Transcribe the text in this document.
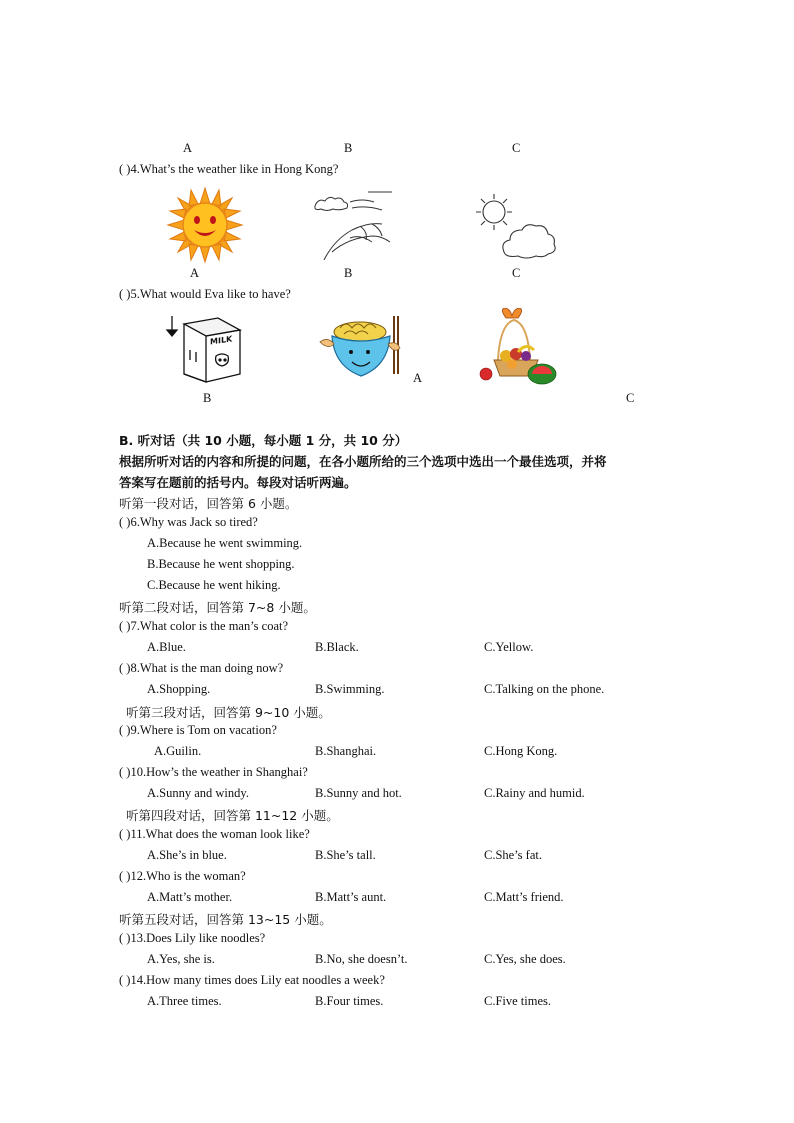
A	B	C
( )4.What’s the weather like in Hong Kong?
A	B	C
( )5.What would Eva like to have?
MILK
B
A
C
B. 听对话（共 10 小题，每小题 1 分，共 10 分）
根据所听对话的内容和所提的问题，在各小题所给的三个选项中选出一个最佳选项，并将
答案写在题前的括号内。每段对话听两遍。
听第一段对话，回答第 6 小题。
( )6.Why was Jack so tired?
A.Because he went swimming.
B.Because he went shopping.
C.Because he went hiking.
听第二段对话，回答第 7~8 小题。
( )7.What color is the man’s coat?
A.Blue.	B.Black.	C.Yellow.
( )8.What is the man doing now?
A.Shopping.	B.Swimming.	C.Talking on the phone.
听第三段对话，回答第 9~10 小题。
( )9.Where is Tom on vacation?
A.Guilin.	B.Shanghai.	C.Hong Kong.
( )10.How’s the weather in Shanghai?
A.Sunny and windy.	B.Sunny and hot.	C.Rainy and humid.
听第四段对话，回答第 11~12 小题。
( )11.What does the woman look like?
A.She’s in blue.	B.She’s tall.	C.She’s fat.
( )12.Who is the woman?
A.Matt’s mother.	B.Matt’s aunt.	C.Matt’s friend.
听第五段对话，回答第 13~15 小题。
( )13.Does Lily like noodles?
A.Yes, she is.	B.No, she doesn’t.	C.Yes, she does.
( )14.How many times does Lily eat noodles a week?
A.Three times.	B.Four times.	C.Five times.
